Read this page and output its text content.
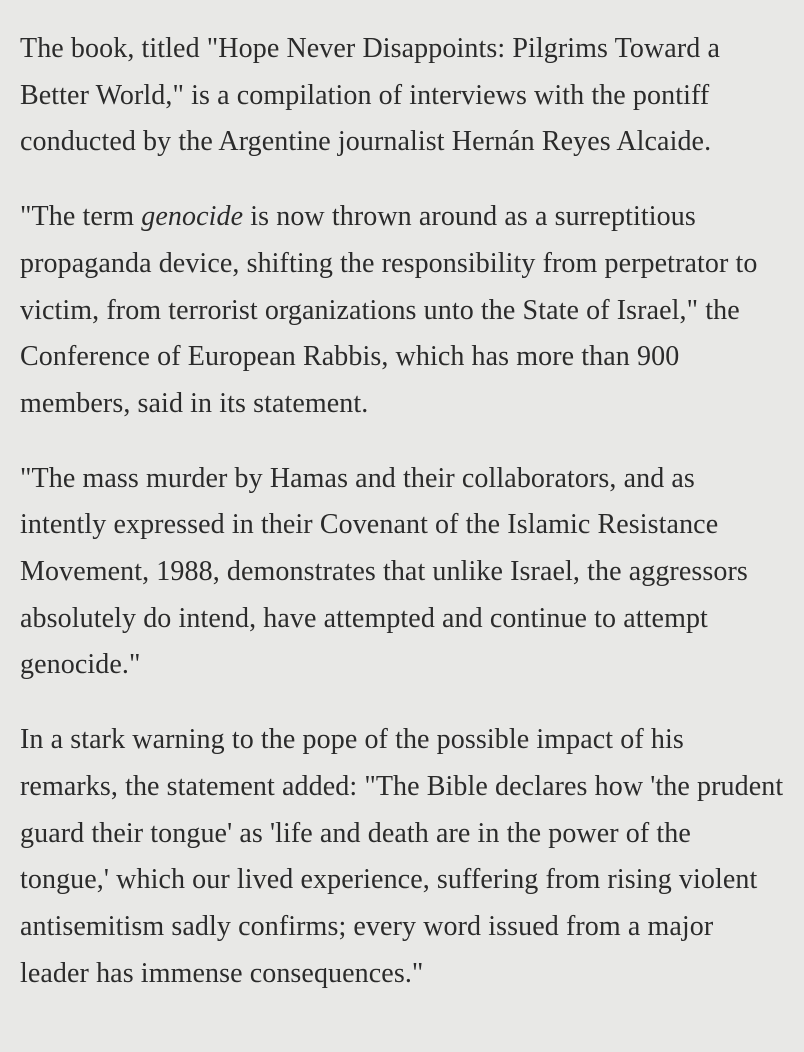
The book, titled "Hope Never Disappoints: Pilgrims Toward a Better World," is a compilation of interviews with the pontiff conducted by the Argentine journalist Hernán Reyes Alcaide.

"The term genocide is now thrown around as a surreptitious propaganda device, shifting the responsibility from perpetrator to victim, from terrorist organizations unto the State of Israel," the Conference of European Rabbis, which has more than 900 members, said in its statement.

"The mass murder by Hamas and their collaborators, and as intently expressed in their Covenant of the Islamic Resistance Movement, 1988, demonstrates that unlike Israel, the aggressors absolutely do intend, have attempted and continue to attempt genocide."

In a stark warning to the pope of the possible impact of his remarks, the statement added: "The Bible declares how 'the prudent guard their tongue' as 'life and death are in the power of the tongue,' which our lived experience, suffering from rising violent antisemitism sadly confirms; every word issued from a major leader has immense consequences."
